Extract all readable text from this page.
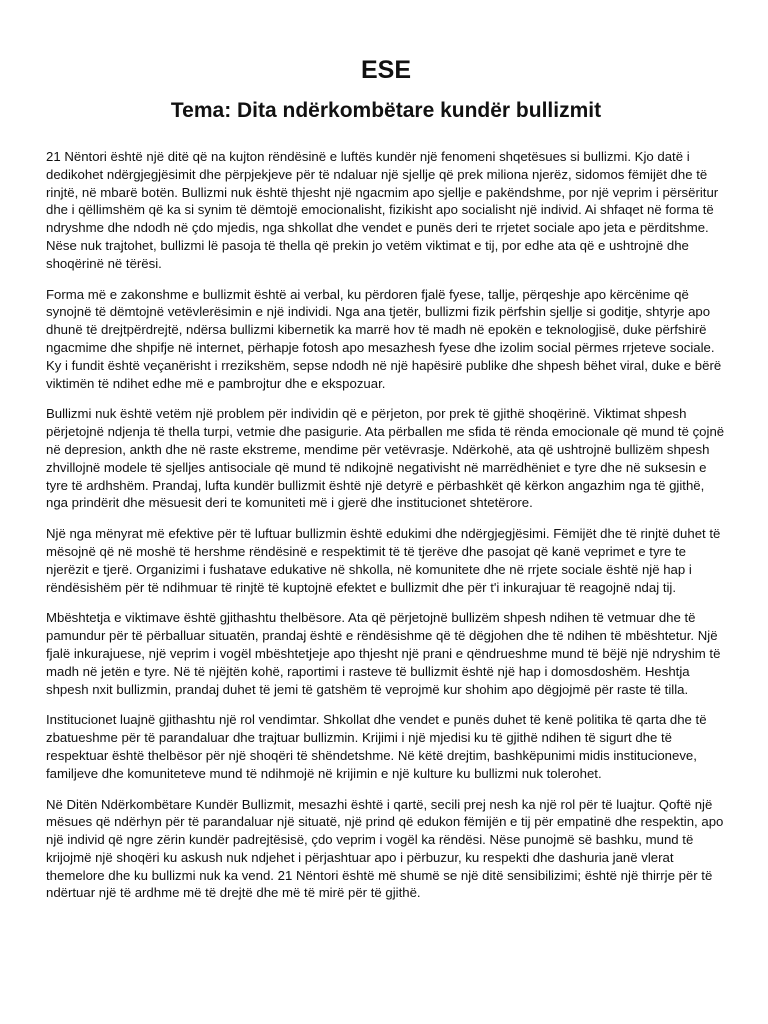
ESE
Tema: Dita ndërkombëtare kundër bullizmit

21 Nëntori është një ditë që na kujton rëndësinë e luftës kundër një fenomeni shqetësues si bullizmi. Kjo datë i dedikohet ndërgjegjësimit dhe përpjekjeve për të ndaluar një sjellje që prek miliona njerëz, sidomos fëmijët dhe të rinjtë, në mbarë botën. Bullizmi nuk është thjesht një ngacmim apo sjellje e pakëndshme, por një veprim i përsëritur dhe i qëllimshëm që ka si synim të dëmtojë emocionalisht, fizikisht apo socialisht një individ. Ai shfaqet në forma të ndryshme dhe ndodh në çdo mjedis, nga shkollat dhe vendet e punës deri te rrjetet sociale apo jeta e përditshme. Nëse nuk trajtohet, bullizmi lë pasoja të thella që prekin jo vetëm viktimat e tij, por edhe ata që e ushtrojnë dhe shoqërinë në tërësi.

Forma më e zakonshme e bullizmit është ai verbal, ku përdoren fjalë fyese, tallje, përqeshje apo kërcënime që synojnë të dëmtojnë vetëvlerësimin e një individi. Nga ana tjetër, bullizmi fizik përfshin sjellje si goditje, shtyrje apo dhunë të drejtpërdrejtë, ndërsa bullizmi kibernetik ka marrë hov të madh në epokën e teknologjisë, duke përfshirë ngacmime dhe shpifje në internet, përhapje fotosh apo mesazhesh fyese dhe izolim social përmes rrjeteve sociale. Ky i fundit është veçanërisht i rrezikshëm, sepse ndodh në një hapësirë publike dhe shpesh bëhet viral, duke e bërë viktimën të ndihet edhe më e pambrojtur dhe e ekspozuar.

Bullizmi nuk është vetëm një problem për individin që e përjeton, por prek të gjithë shoqërinë. Viktimat shpesh përjetojnë ndjenja të thella turpi, vetmie dhe pasigurie. Ata përballen me sfida të rënda emocionale që mund të çojnë në depresion, ankth dhe në raste ekstreme, mendime për vetëvrasje. Ndërkohë, ata që ushtrojnë bullizëm shpesh zhvillojnë modele të sjelljes antisociale që mund të ndikojnë negativisht në marrëdhëniet e tyre dhe në suksesin e tyre të ardhshëm. Prandaj, lufta kundër bullizmit është një detyrë e përbashkët që kërkon angazhim nga të gjithë, nga prindërit dhe mësuesit deri te komuniteti më i gjerë dhe institucionet shtetërore.

Një nga mënyrat më efektive për të luftuar bullizmin është edukimi dhe ndërgjegjësimi. Fëmijët dhe të rinjtë duhet të mësojnë që në moshë të hershme rëndësinë e respektimit të të tjerëve dhe pasojat që kanë veprimet e tyre te njerëzit e tjerë. Organizimi i fushatave edukative në shkolla, në komunitete dhe në rrjete sociale është një hap i rëndësishëm për të ndihmuar të rinjtë të kuptojnë efektet e bullizmit dhe për t'i inkurajuar të reagojnë ndaj tij.

Mbështetja e viktimave është gjithashtu thelbësore. Ata që përjetojnë bullizëm shpesh ndihen të vetmuar dhe të pamundur për të përballuar situatën, prandaj është e rëndësishme që të dëgjohen dhe të ndihen të mbështetur. Një fjalë inkurajuese, një veprim i vogël mbështetjeje apo thjesht një prani e qëndrueshme mund të bëjë një ndryshim të madh në jetën e tyre. Në të njëjtën kohë, raportimi i rasteve të bullizmit është një hap i domosdoshëm. Heshtja shpesh nxit bullizmin, prandaj duhet të jemi të gatshëm të veprojmë kur shohim apo dëgjojmë për raste të tilla.

Institucionet luajnë gjithashtu një rol vendimtar. Shkollat dhe vendet e punës duhet të kenë politika të qarta dhe të zbatueshme për të parandaluar dhe trajtuar bullizmin. Krijimi i një mjedisi ku të gjithë ndihen të sigurt dhe të respektuar është thelbësor për një shoqëri të shëndetshme. Në këtë drejtim, bashkëpunimi midis institucioneve, familjeve dhe komuniteteve mund të ndihmojë në krijimin e një kulture ku bullizmi nuk tolerohet.

Në Ditën Ndërkombëtare Kundër Bullizmit, mesazhi është i qartë, secili prej nesh ka një rol për të luajtur. Qoftë një mësues që ndërhyn për të parandaluar një situatë, një prind që edukon fëmijën e tij për empatinë dhe respektin, apo një individ që ngre zërin kundër padrejtësisë, çdo veprim i vogël ka rëndësi. Nëse punojmë së bashku, mund të krijojmë një shoqëri ku askush nuk ndjehet i përjashtuar apo i përbuzur, ku respekti dhe dashuria janë vlerat themelore dhe ku bullizmi nuk ka vend. 21 Nëntori është më shumë se një ditë sensibilizimi; është një thirrje për të ndërtuar një të ardhme më të drejtë dhe më të mirë për të gjithë.
